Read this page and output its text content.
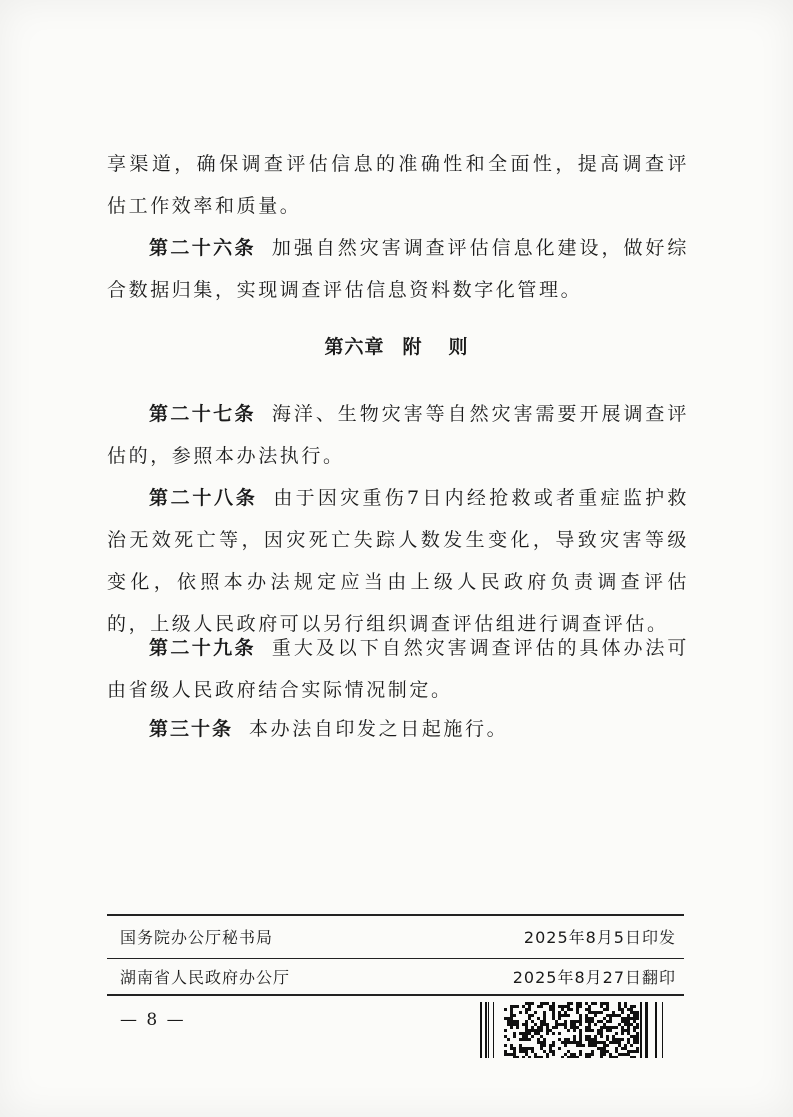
享渠道，确保调查评估信息的准确性和全面性，提高调查评估工作效率和质量。
第二十六条 加强自然灾害调查评估信息化建设，做好综合数据归集，实现调查评估信息资料数字化管理。
第六章 附 则
第二十七条 海洋、生物灾害等自然灾害需要开展调查评估的，参照本办法执行。
第二十八条 由于因灾重伤7日内经抢救或者重症监护救治无效死亡等，因灾死亡失踪人数发生变化，导致灾害等级变化，依照本办法规定应当由上级人民政府负责调查评估的，上级人民政府可以另行组织调查评估组进行调查评估。
第二十九条 重大及以下自然灾害调查评估的具体办法可由省级人民政府结合实际情况制定。
第三十条 本办法自印发之日起施行。
国务院办公厅秘书局	2025年8月5日印发
湖南省人民政府办公厅	2025年8月27日翻印
— 8 —
